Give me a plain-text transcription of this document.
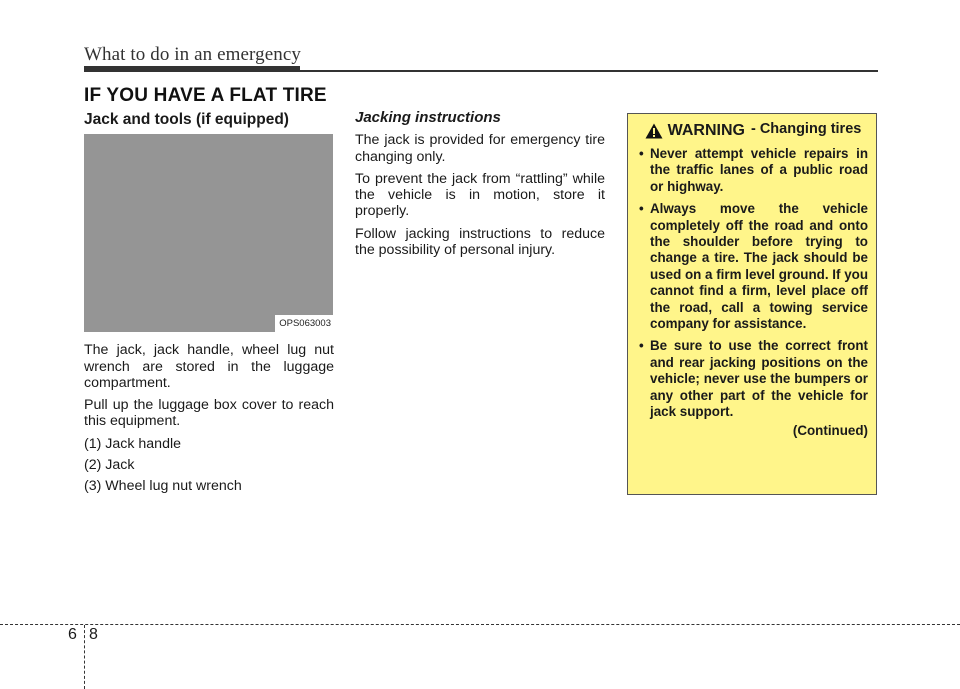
What to do in an emergency
IF YOU HAVE A FLAT TIRE

Jack and tools (if equipped)

OPS063003

The jack, jack handle, wheel lug nut wrench are stored in the luggage compartment.

Pull up the luggage box cover to reach this equipment.

(1) Jack handle

(2) Jack

(3) Wheel lug nut wrench

Jacking instructions

The jack is provided for emergency tire changing only.

To prevent the jack from “rattling” while the vehicle is in motion, store it properly.

Follow jacking instructions to reduce the possibility of personal injury.

WARNING - Changing tires
• Never attempt vehicle repairs in the traffic lanes of a public road or highway.
• Always move the vehicle completely off the road and onto the shoulder before trying to change a tire. The jack should be used on a firm level ground. If you cannot find a firm, level place off the road, call a towing service company for assistance.
• Be sure to use the correct front and rear jacking positions on the vehicle; never use the bumpers or any other part of the vehicle for jack support.
(Continued)
6 8
